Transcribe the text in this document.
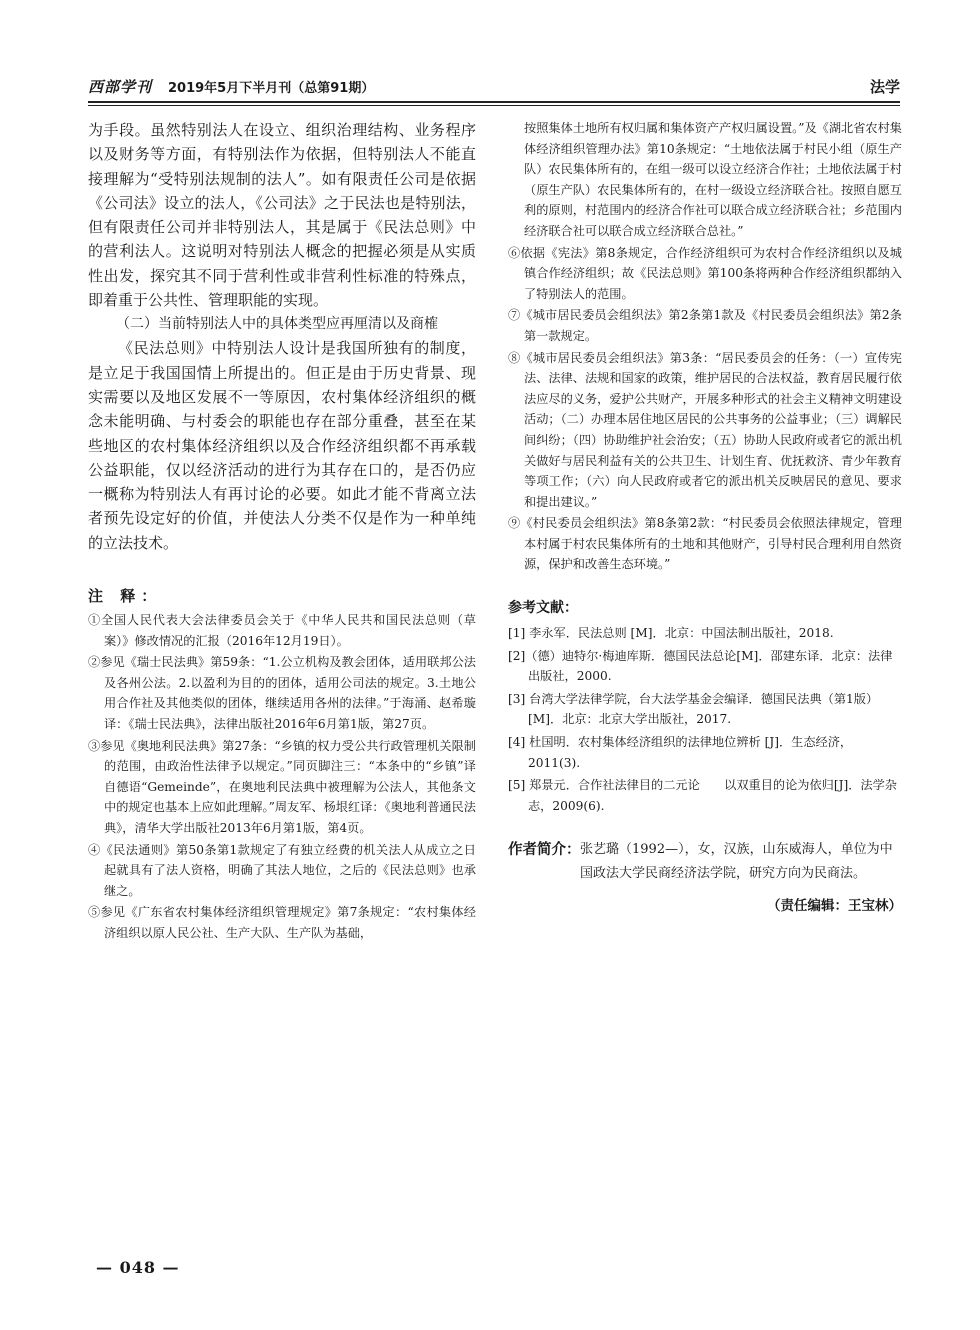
西部学刊 2019年5月下半月刊（总第91期）	法学

为手段。虽然特别法人在设立、组织治理结构、业务程序以及财务等方面，有特别法作为依据，但特别法人不能直接理解为“受特别法规制的法人”。如有限责任公司是依据《公司法》设立的法人，《公司法》之于民法也是特别法，但有限责任公司并非特别法人，其是属于《民法总则》中的营利法人。这说明对特别法人概念的把握必须是从实质性出发，探究其不同于营利性或非营利性标准的特殊点，即着重于公共性、管理职能的实现。

（二）当前特别法人中的具体类型应再厘清以及商榷

《民法总则》中特别法人设计是我国所独有的制度，是立足于我国国情上所提出的。但正是由于历史背景、现实需要以及地区发展不一等原因，农村集体经济组织的概念未能明确、与村委会的职能也存在部分重叠，甚至在某些地区的农村集体经济组织以及合作经济组织都不再承载公益职能，仅以经济活动的进行为其存在口的，是否仍应一概称为特别法人有再讨论的必要。如此才能不背离立法者预先设定好的价值，并使法人分类不仅是作为一种单纯的立法技术。

注 释：

①全国人民代表大会法律委员会关于《中华人民共和国民法总则（草案）》修改情况的汇报（2016年12月19日）。

②参见《瑞士民法典》第59条：“1.公立机构及教会团体，适用联邦公法及各州公法。2.以盈利为目的的团体，适用公司法的规定。3.土地公用合作社及其他类似的团体，继续适用各州的法律。”于海涌、赵希璇译：《瑞士民法典》，法律出版社2016年6月第1版，第27页。

③参见《奥地利民法典》第27条：“乡镇的权力受公共行政管理机关限制的范围，由政治性法律予以规定。”同页脚注三：“本条中的“乡镇”译自德语“Gemeinde”，在奥地利民法典中被理解为公法人，其他条文中的规定也基本上应如此理解。”周友军、杨垠红译：《奥地利普通民法典》，清华大学出版社2013年6月第1版，第4页。

④《民法通则》第50条第1款规定了有独立经费的机关法人从成立之日起就具有了法人资格，明确了其法人地位，之后的《民法总则》也承继之。

⑤参见《广东省农村集体经济组织管理规定》第7条规定：“农村集体经济组织以原人民公社、生产大队、生产队为基础，

按照集体土地所有权归属和集体资产产权归属设置。”及《湖北省农村集体经济组织管理办法》第10条规定：“土地依法属于村民小组（原生产队）农民集体所有的，在组一级可以设立经济合作社；土地依法属于村（原生产队）农民集体所有的，在村一级设立经济联合社。按照自愿互利的原则，村范围内的经济合作社可以联合成立经济联合社；乡范围内经济联合社可以联合成立经济联合总社。”

⑥依据《宪法》第8条规定，合作经济组织可为农村合作经济组织以及城镇合作经济组织；故《民法总则》第100条将两种合作经济组织都纳入了特别法人的范围。

⑦《城市居民委员会组织法》第2条第1款及《村民委员会组织法》第2条第一款规定。

⑧《城市居民委员会组织法》第3条：“居民委员会的任务：（一）宣传宪法、法律、法规和国家的政策，维护居民的合法权益，教育居民履行依法应尽的义务，爱护公共财产，开展多种形式的社会主义精神文明建设活动；（二）办理本居住地区居民的公共事务的公益事业；（三）调解民间纠纷；（四）协助维护社会治安；（五）协助人民政府或者它的派出机关做好与居民利益有关的公共卫生、计划生育、优抚救济、青少年教育等项工作；（六）向人民政府或者它的派出机关反映居民的意见、要求和提出建议。”

⑨《村民委员会组织法》第8条第2款：“村民委员会依照法律规定，管理本村属于村农民集体所有的土地和其他财产，引导村民合理利用自然资源，保护和改善生态环境。”

参考文献：

[1] 李永军．民法总则 [M]．北京：中国法制出版社，2018.

[2]（德）迪特尔·梅迪库斯．德国民法总论[M]．邵建东译．北京：法律出版社，2000.

[3] 台湾大学法律学院，台大法学基金会编译．德国民法典（第1版）[M]．北京：北京大学出版社，2017.

[4] 杜国明．农村集体经济组织的法律地位辨析 [J]．生态经济，2011(3).

[5] 郑景元．合作社法律目的二元论　　以双重目的论为依归[J]．法学杂志，2009(6).

作者简介： 张艺璐（1992—），女，汉族，山东威海人，单位为中国政法大学民商经济法学院，研究方向为民商法。
（责任编辑：王宝林）
— 048 —
